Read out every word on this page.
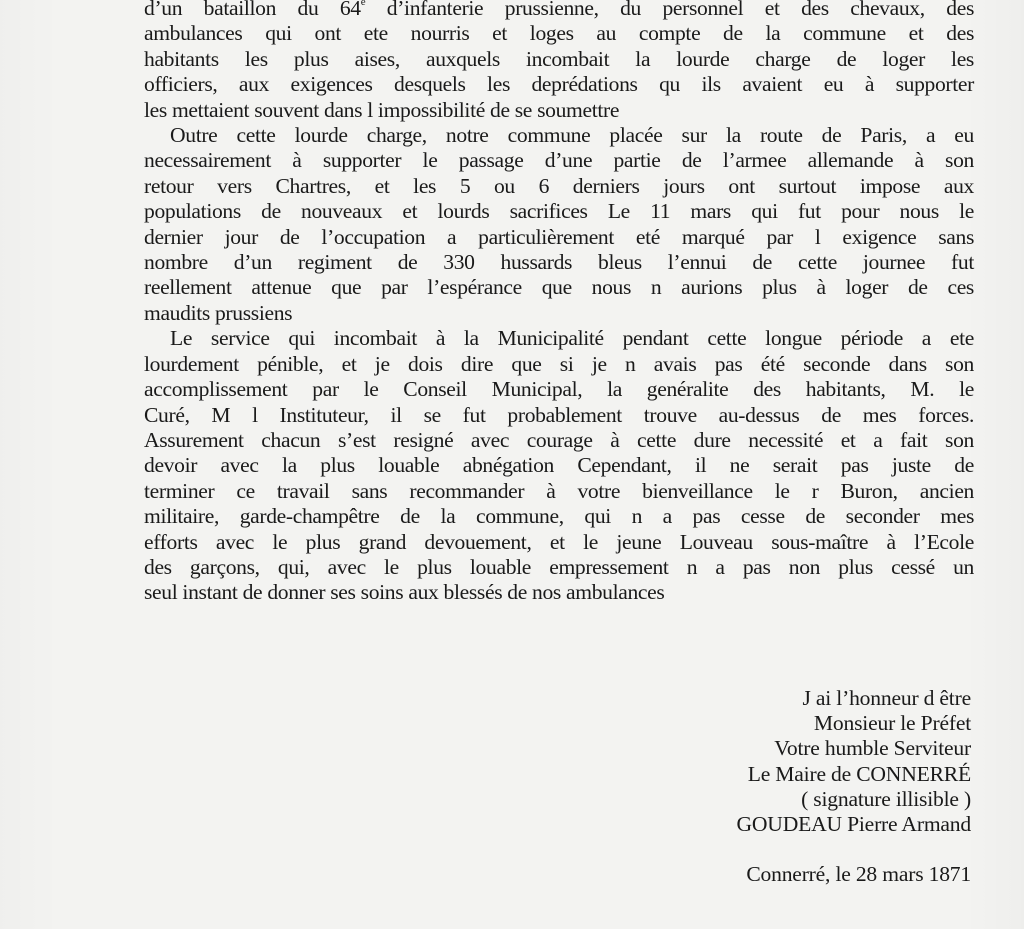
d’un bataillon du 64e d’infanterie prussienne, du personnel et des chevaux, des
ambulances qui ont ete nourris et loges au compte de la commune et des
habitants les plus aises, auxquels incombait la lourde charge de loger les
officiers, aux exigences desquels les deprédations qu ils avaient eu à supporter
les mettaient souvent dans l impossibilité de se soumettre

Outre cette lourde charge, notre commune placée sur la route de Paris, a eu
necessairement à supporter le passage d’une partie de l’armee allemande à son
retour vers Chartres, et les 5 ou 6 derniers jours ont surtout impose aux
populations de nouveaux et lourds sacrifices Le 11 mars qui fut pour nous le
dernier jour de l’occupation a particulièrement eté marqué par l exigence sans
nombre d’un regiment de 330 hussards bleus l’ennui de cette journee fut
reellement attenue que par l’espérance que nous n aurions plus à loger de ces
maudits prussiens

Le service qui incombait à la Municipalité pendant cette longue période a ete
lourdement pénible, et je dois dire que si je n avais pas été seconde dans son
accomplissement par le Conseil Municipal, la genéralite des habitants, M. le
Curé, M l Instituteur, il se fut probablement trouve au-dessus de mes forces.
Assurement chacun s’est resigné avec courage à cette dure necessité et a fait son
devoir avec la plus louable abnégation Cependant, il ne serait pas juste de
terminer ce travail sans recommander à votre bienveillance le r Buron, ancien
militaire, garde-champêtre de la commune, qui n a pas cesse de seconder mes
efforts avec le plus grand devouement, et le jeune Louveau sous-maître à l’Ecole
des garçons, qui, avec le plus louable empressement n a pas non plus cessé un
seul instant de donner ses soins aux blessés de nos ambulances

J ai l’honneur d être
Monsieur le Préfet
Votre humble Serviteur
Le Maire de CONNERRÉ
( signature illisible )
GOUDEAU Pierre Armand
Connerré, le 28 mars 1871
